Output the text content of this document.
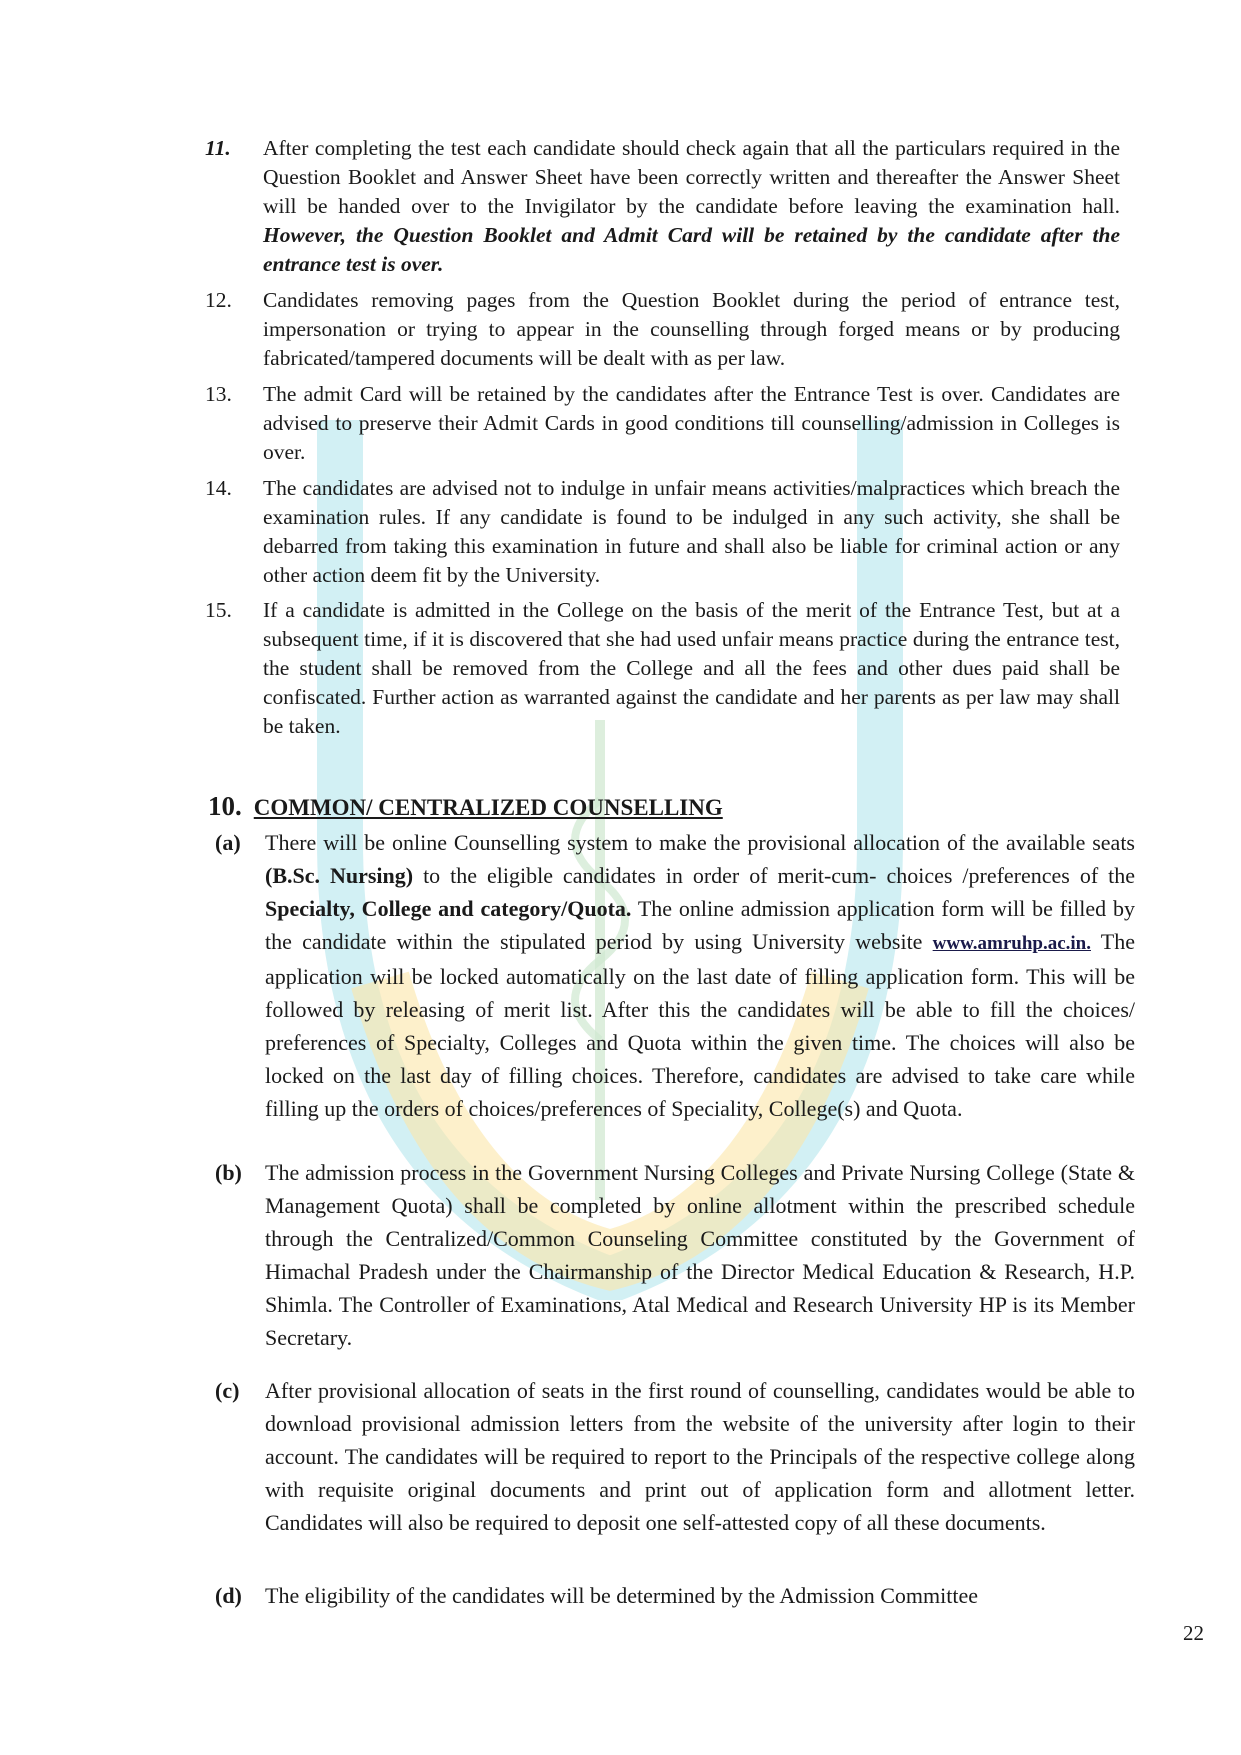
11.	After completing the test each candidate should check again that all the particulars required in the Question Booklet and Answer Sheet have been correctly written and thereafter the Answer Sheet will be handed over to the Invigilator by the candidate before leaving the examination hall. However, the Question Booklet and Admit Card will be retained by the candidate after the entrance test is over.
12.	Candidates removing pages from the Question Booklet during the period of entrance test, impersonation or trying to appear in the counselling through forged means or by producing fabricated/tampered documents will be dealt with as per law.
13.	The admit Card will be retained by the candidates after the Entrance Test is over. Candidates are advised to preserve their Admit Cards in good conditions till counselling/admission in Colleges is over.
14.	The candidates are advised not to indulge in unfair means activities/malpractices which breach the examination rules. If any candidate is found to be indulged in any such activity, she shall be debarred from taking this examination in future and shall also be liable for criminal action or any other action deem fit by the University.
15.	If a candidate is admitted in the College on the basis of the merit of the Entrance Test, but at a subsequent time, if it is discovered that she had used unfair means practice during the entrance test, the student shall be removed from the College and all the fees and other dues paid shall be confiscated. Further action as warranted against the candidate and her parents as per law may shall be taken.
10. COMMON/ CENTRALIZED COUNSELLING
(a) There will be online Counselling system to make the provisional allocation of the available seats (B.Sc. Nursing) to the eligible candidates in order of merit-cum- choices /preferences of the Specialty, College and category/Quota. The online admission application form will be filled by the candidate within the stipulated period by using University website www.amruhp.ac.in. The application will be locked automatically on the last date of filling application form. This will be followed by releasing of merit list. After this the candidates will be able to fill the choices/ preferences of Specialty, Colleges and Quota within the given time. The choices will also be locked on the last day of filling choices. Therefore, candidates are advised to take care while filling up the orders of choices/preferences of Speciality, College(s) and Quota.
(b) The admission process in the Government Nursing Colleges and Private Nursing College (State & Management Quota) shall be completed by online allotment within the prescribed schedule through the Centralized/Common Counseling Committee constituted by the Government of Himachal Pradesh under the Chairmanship of the Director Medical Education & Research, H.P. Shimla. The Controller of Examinations, Atal Medical and Research University HP is its Member Secretary.
(c) After provisional allocation of seats in the first round of counselling, candidates would be able to download provisional admission letters from the website of the university after login to their account. The candidates will be required to report to the Principals of the respective college along with requisite original documents and print out of application form and allotment letter. Candidates will also be required to deposit one self-attested copy of all these documents.
(d) The eligibility of the candidates will be determined by the Admission Committee
22
